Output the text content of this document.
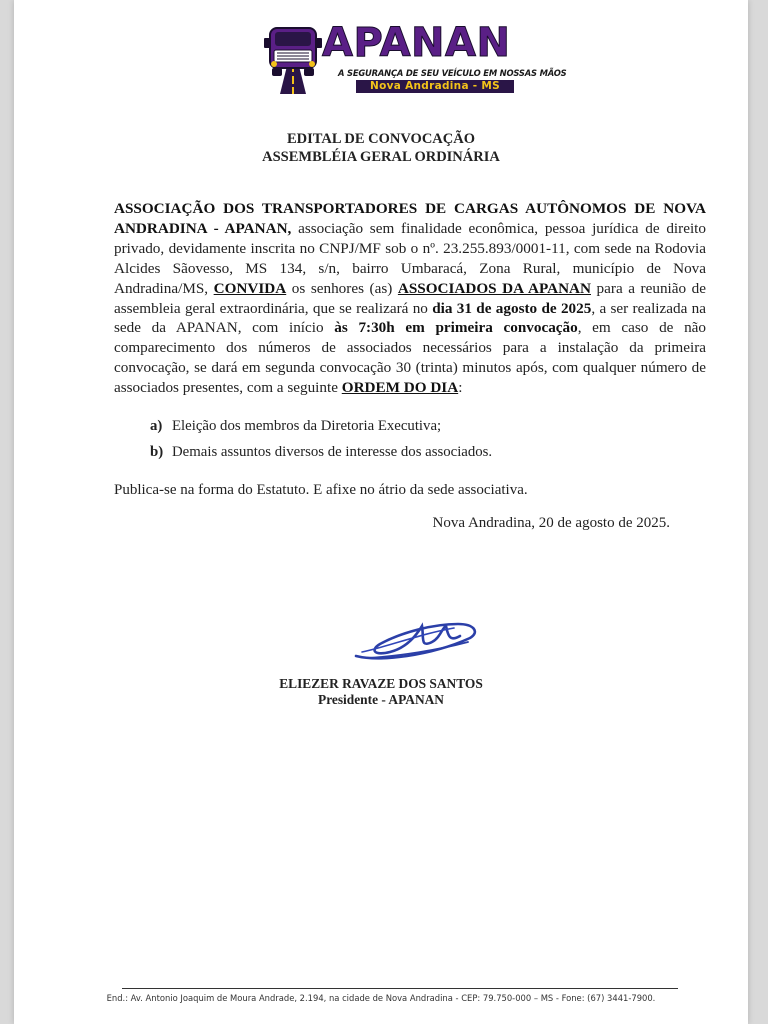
APANAN
A SEGURANÇA DE SEU VEÍCULO EM NOSSAS MÃOS
Nova Andradina - MS
EDITAL DE CONVOCAÇÃO
ASSEMBLÉIA GERAL ORDINÁRIA
ASSOCIAÇÃO DOS TRANSPORTADORES DE CARGAS AUTÔNOMOS DE NOVA ANDRADINA - APANAN, associação sem finalidade econômica, pessoa jurídica de direito privado, devidamente inscrita no CNPJ/MF sob o nº. 23.255.893/0001-11, com sede na Rodovia Alcides Sãovesso, MS 134, s/n, bairro Umbaracá, Zona Rural, município de Nova Andradina/MS, CONVIDA os senhores (as) ASSOCIADOS DA APANAN para a reunião de assembleia geral extraordinária, que se realizará no dia 31 de agosto de 2025, a ser realizada na sede da APANAN, com início às 7:30h em primeira convocação, em caso de não comparecimento dos números de associados necessários para a instalação da primeira convocação, se dará em segunda convocação 30 (trinta) minutos após, com qualquer número de associados presentes, com a seguinte ORDEM DO DIA:
a) Eleição dos membros da Diretoria Executiva;
b) Demais assuntos diversos de interesse dos associados.
Publica-se na forma do Estatuto. E afixe no átrio da sede associativa.
Nova Andradina, 20 de agosto de 2025.
ELIEZER RAVAZE DOS SANTOS
Presidente - APANAN
End.: Av. Antonio Joaquim de Moura Andrade, 2.194, na cidade de Nova Andradina - CEP: 79.750-000 – MS - Fone: (67) 3441-7900.
